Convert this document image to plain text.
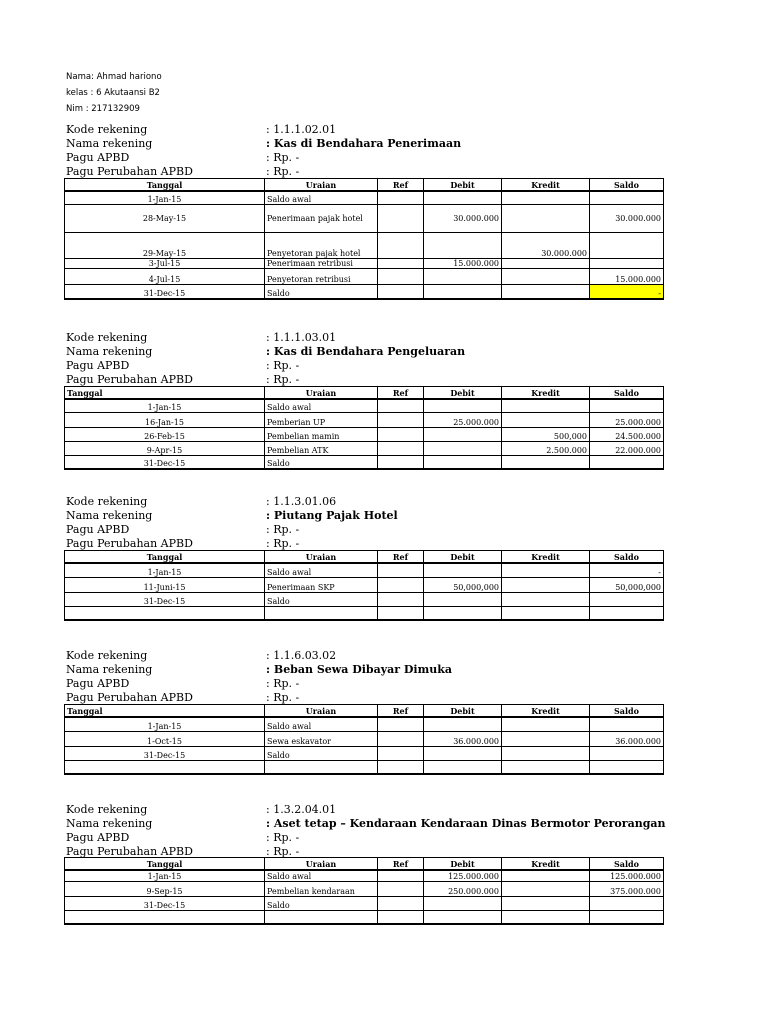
Nama: Ahmad hariono
kelas : 6 Akutaansi B2
Nim : 217132909
Kode rekening	: 1.1.1.02.01
Nama rekening	: Kas di Bendahara Penerimaan
Pagu APBD	: Rp. -
Pagu Perubahan APBD	: Rp. -
Tanggal	Uraian	Ref	Debit	Kredit	Saldo
1-Jan-15	Saldo awal				
28-May-15	Penerimaan pajak hotel		30.000.000		30.000.000
29-May-15	Penyetoran pajak hotel			30.000.000	
3-Jul-15	Penerimaan retribusi		15.000.000		
4-Jul-15	Penyetoran retribusi				15.000.000
31-Dec-15	Saldo				-
Kode rekening	: 1.1.1.03.01
Nama rekening	: Kas di Bendahara Pengeluaran
Pagu APBD	: Rp. -
Pagu Perubahan APBD	: Rp. -
Tanggal	Uraian	Ref	Debit	Kredit	Saldo
1-Jan-15	Saldo awal				
16-Jan-15	Pemberian UP		25.000.000		25.000.000
26-Feb-15	Pembelian mamin			500,000	24.500.000
9-Apr-15	Pembelian ATK			2.500.000	22.000.000
31-Dec-15	Saldo				
Kode rekening	: 1.1.3.01.06
Nama rekening	: Piutang Pajak Hotel
Pagu APBD	: Rp. -
Pagu Perubahan APBD	: Rp. -
Tanggal	Uraian	Ref	Debit	Kredit	Saldo
1-Jan-15	Saldo awal				-
11-Juni-15	Penerimaan SKP		50,000,000		50,000,000
31-Dec-15	Saldo				

Kode rekening	: 1.1.6.03.02
Nama rekening	: Beban Sewa Dibayar Dimuka
Pagu APBD	: Rp. -
Pagu Perubahan APBD	: Rp. -
Tanggal	Uraian	Ref	Debit	Kredit	Saldo
1-Jan-15	Saldo awal				
1-Oct-15	Sewa eskavator		36.000.000		36.000.000
31-Dec-15	Saldo				

Kode rekening	: 1.3.2.04.01
Nama rekening	: Aset tetap – Kendaraan Kendaraan Dinas Bermotor Perorangan
Pagu APBD	: Rp. -
Pagu Perubahan APBD	: Rp. -
Tanggal	Uraian	Ref	Debit	Kredit	Saldo
1-Jan-15	Saldo awal		125.000.000		125.000.000
9-Sep-15	Pembelian kendaraan		250.000.000		375.000.000
31-Dec-15	Saldo				
